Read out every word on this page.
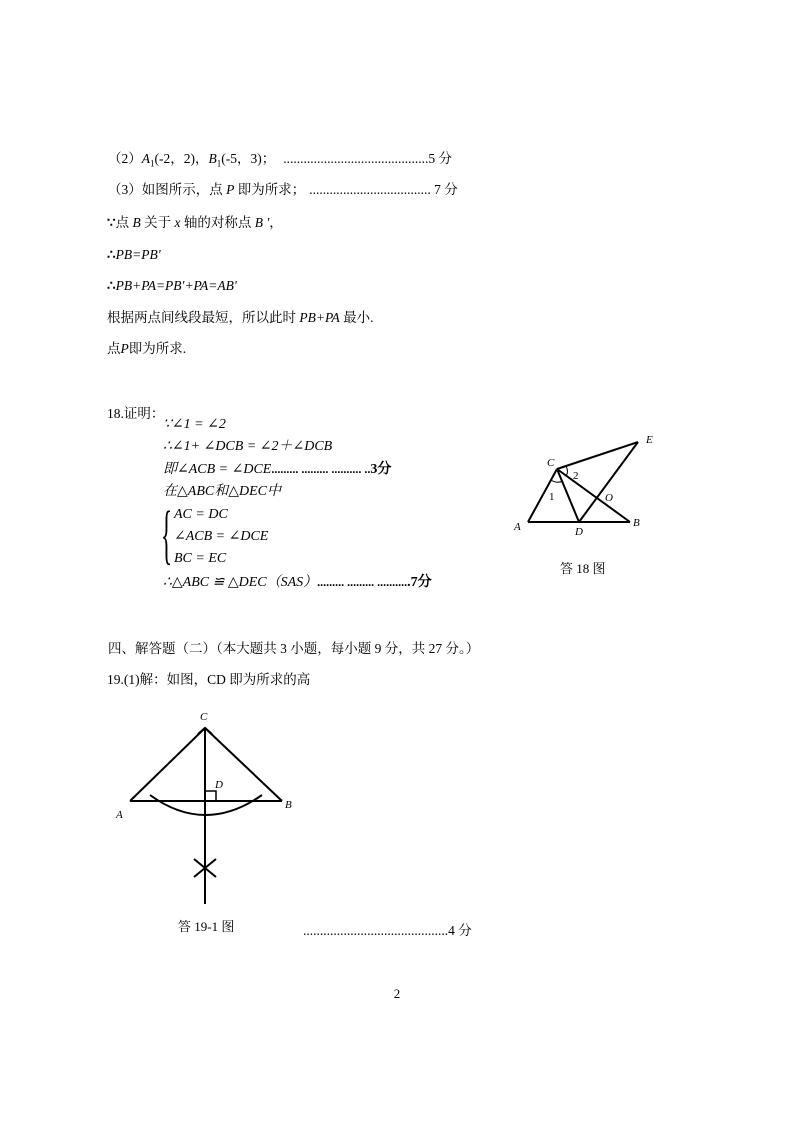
$(2)A_1(-2$，2)，$B_1(-5$，3)； ...........................................5 分
（3）如图所示，点 P 即为所求； .................................... 7 分
∵点 B 关于 x 轴的对称点 B ′，
∴PB=PB'
∴PB+PA=PB'+PA=AB'
根据两点间线段最短，所以此时 PB+PA 最小.
点P即为所求.
18.证明：
∵∠1 = ∠2
∴∠1+ ∠DCB = ∠2＋∠DCB
即∠ACB = ∠DCE......... ......... .......... ..3分
在△ABC和△DEC中
{ AC = DC
∠ACB = ∠DCE
BC = EC
∴△ABC ≌ △DEC（SAS）......... ......... ...........7分
A	B
C
D
E
O
1
2
C
A
B
D
答 18 图
四、解答题（二）（本大题共 3 小题，每小题 9 分，共 27 分。）
19.(1)解：如图，CD 即为所求的高
答 19-1 图	...........................................4 分
2
